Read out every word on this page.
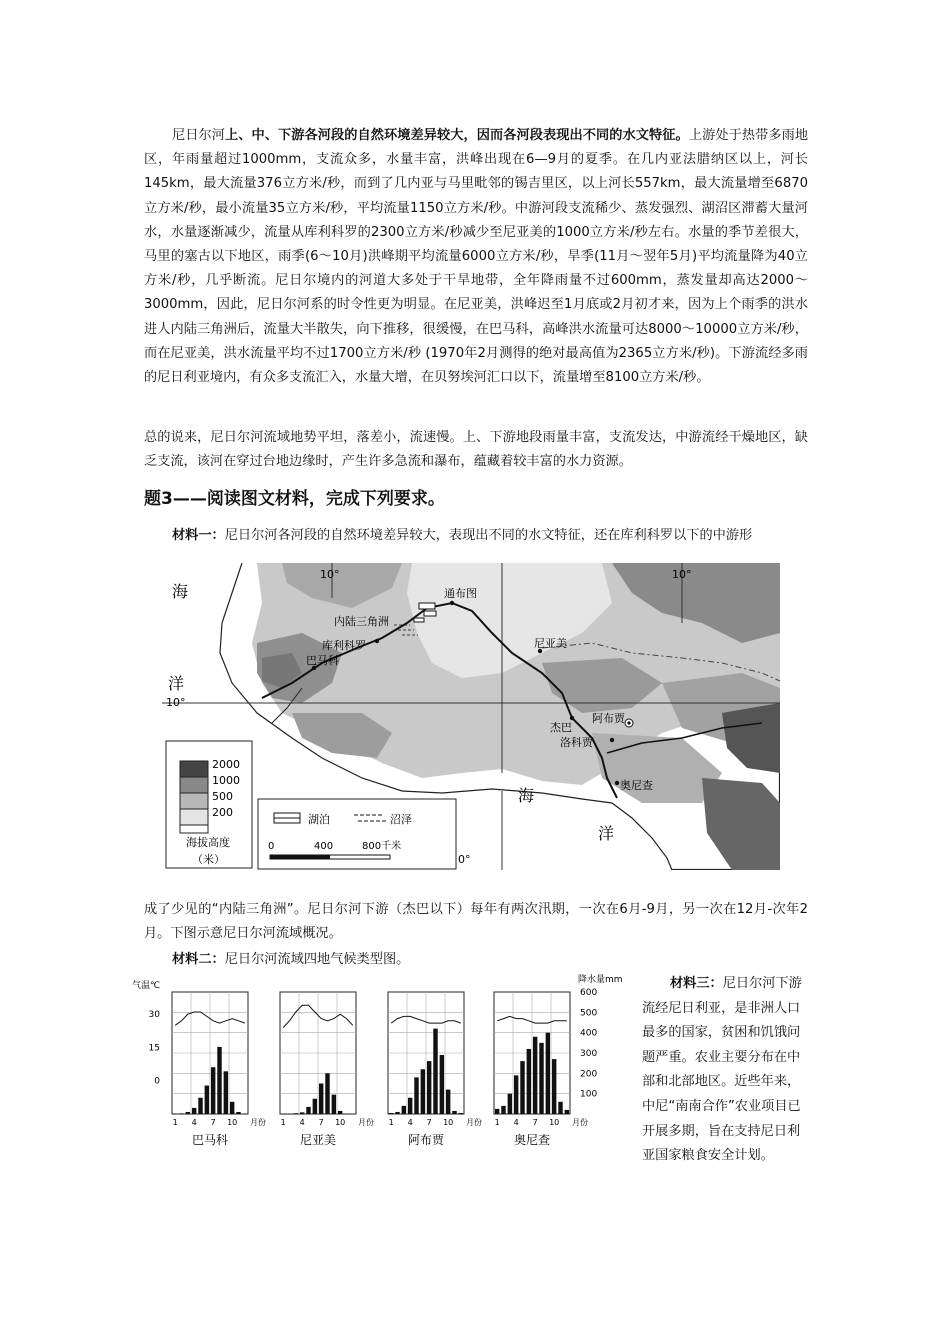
尼日尔河上、中、下游各河段的自然环境差异较大，因而各河段表现出不同的水文特征。上游处于热带多雨地区，年雨量超过1000mm，支流众多，水量丰富，洪峰出现在6—9月的夏季。在几内亚法腊纳区以上，河长145km，最大流量376立方米/秒，而到了几内亚与马里毗邻的锡吉里区，以上河长557km，最大流量增至6870立方米/秒，最小流量35立方米/秒，平均流量1150立方米/秒。中游河段支流稀少、蒸发强烈、湖沼区滞蓄大量河水，水量逐渐减少，流量从库利科罗的2300立方米/秒减少至尼亚美的1000立方米/秒左右。水量的季节差很大，马里的塞古以下地区，雨季(6～10月)洪峰期平均流量6000立方米/秒，旱季(11月～翌年5月)平均流量降为40立方米/秒，几乎断流。尼日尔境内的河道大多处于干旱地带，全年降雨量不过600mm，蒸发量却高达2000～3000mm，因此，尼日尔河系的时令性更为明显。在尼亚美，洪峰迟至1月底或2月初才来，因为上个雨季的洪水进人内陆三角洲后，流量大半散失，向下推移，很缓慢，在巴马科，高峰洪水流量可达8000～10000立方米/秒，而在尼亚美，洪水流量平均不过1700立方米/秒 (1970年2月测得的绝对最高值为2365立方米/秒)。下游流经多雨的尼日利亚境内，有众多支流汇入，水量大增，在贝努埃河汇口以下，流量增至8100立方米/秒。
总的说来，尼日尔河流域地势平坦，落差小，流速慢。上、下游地段雨量丰富，支流发达，中游流经干燥地区，缺乏支流，该河在穿过台地边缘时，产生许多急流和瀑布，蕴藏着较丰富的水力资源。
题3——阅读图文材料，完成下列要求。
材料一：尼日尔河各河段的自然环境差异较大，表现出不同的水文特征，还在库利科罗以下的中游形
海
洋
海
洋
10°	10°
10°
0°
通布图
内陆三角洲
库利科罗
巴马科
尼亚美
阿布贾
杰巴
洛科贾
奥尼查
2000
1000
500
200
海拔高度
（米）
湖泊	沼泽
0	400	800千米
成了少见的“内陆三角洲”。尼日尔河下游（杰巴以下）每年有两次汛期，一次在6月-9月，另一次在12月-次年2月。下图示意尼日尔河流域概况。
材料二：尼日尔河流域四地气候类型图。
气温℃
降水量mm
30
15
0
600
500
400
300
200
100
1 4 7 10 月份
巴马科
1 4 7 10 月份
尼亚美
1 4 7 10 月份
阿布贾
1 4 7 10 月份
奥尼查
材料三：尼日尔河下游流经尼日利亚，是非洲人口最多的国家，贫困和饥饿问题严重。农业主要分布在中部和北部地区。近些年来，中尼“南南合作”农业项目已开展多期，旨在支持尼日利亚国家粮食安全计划。
